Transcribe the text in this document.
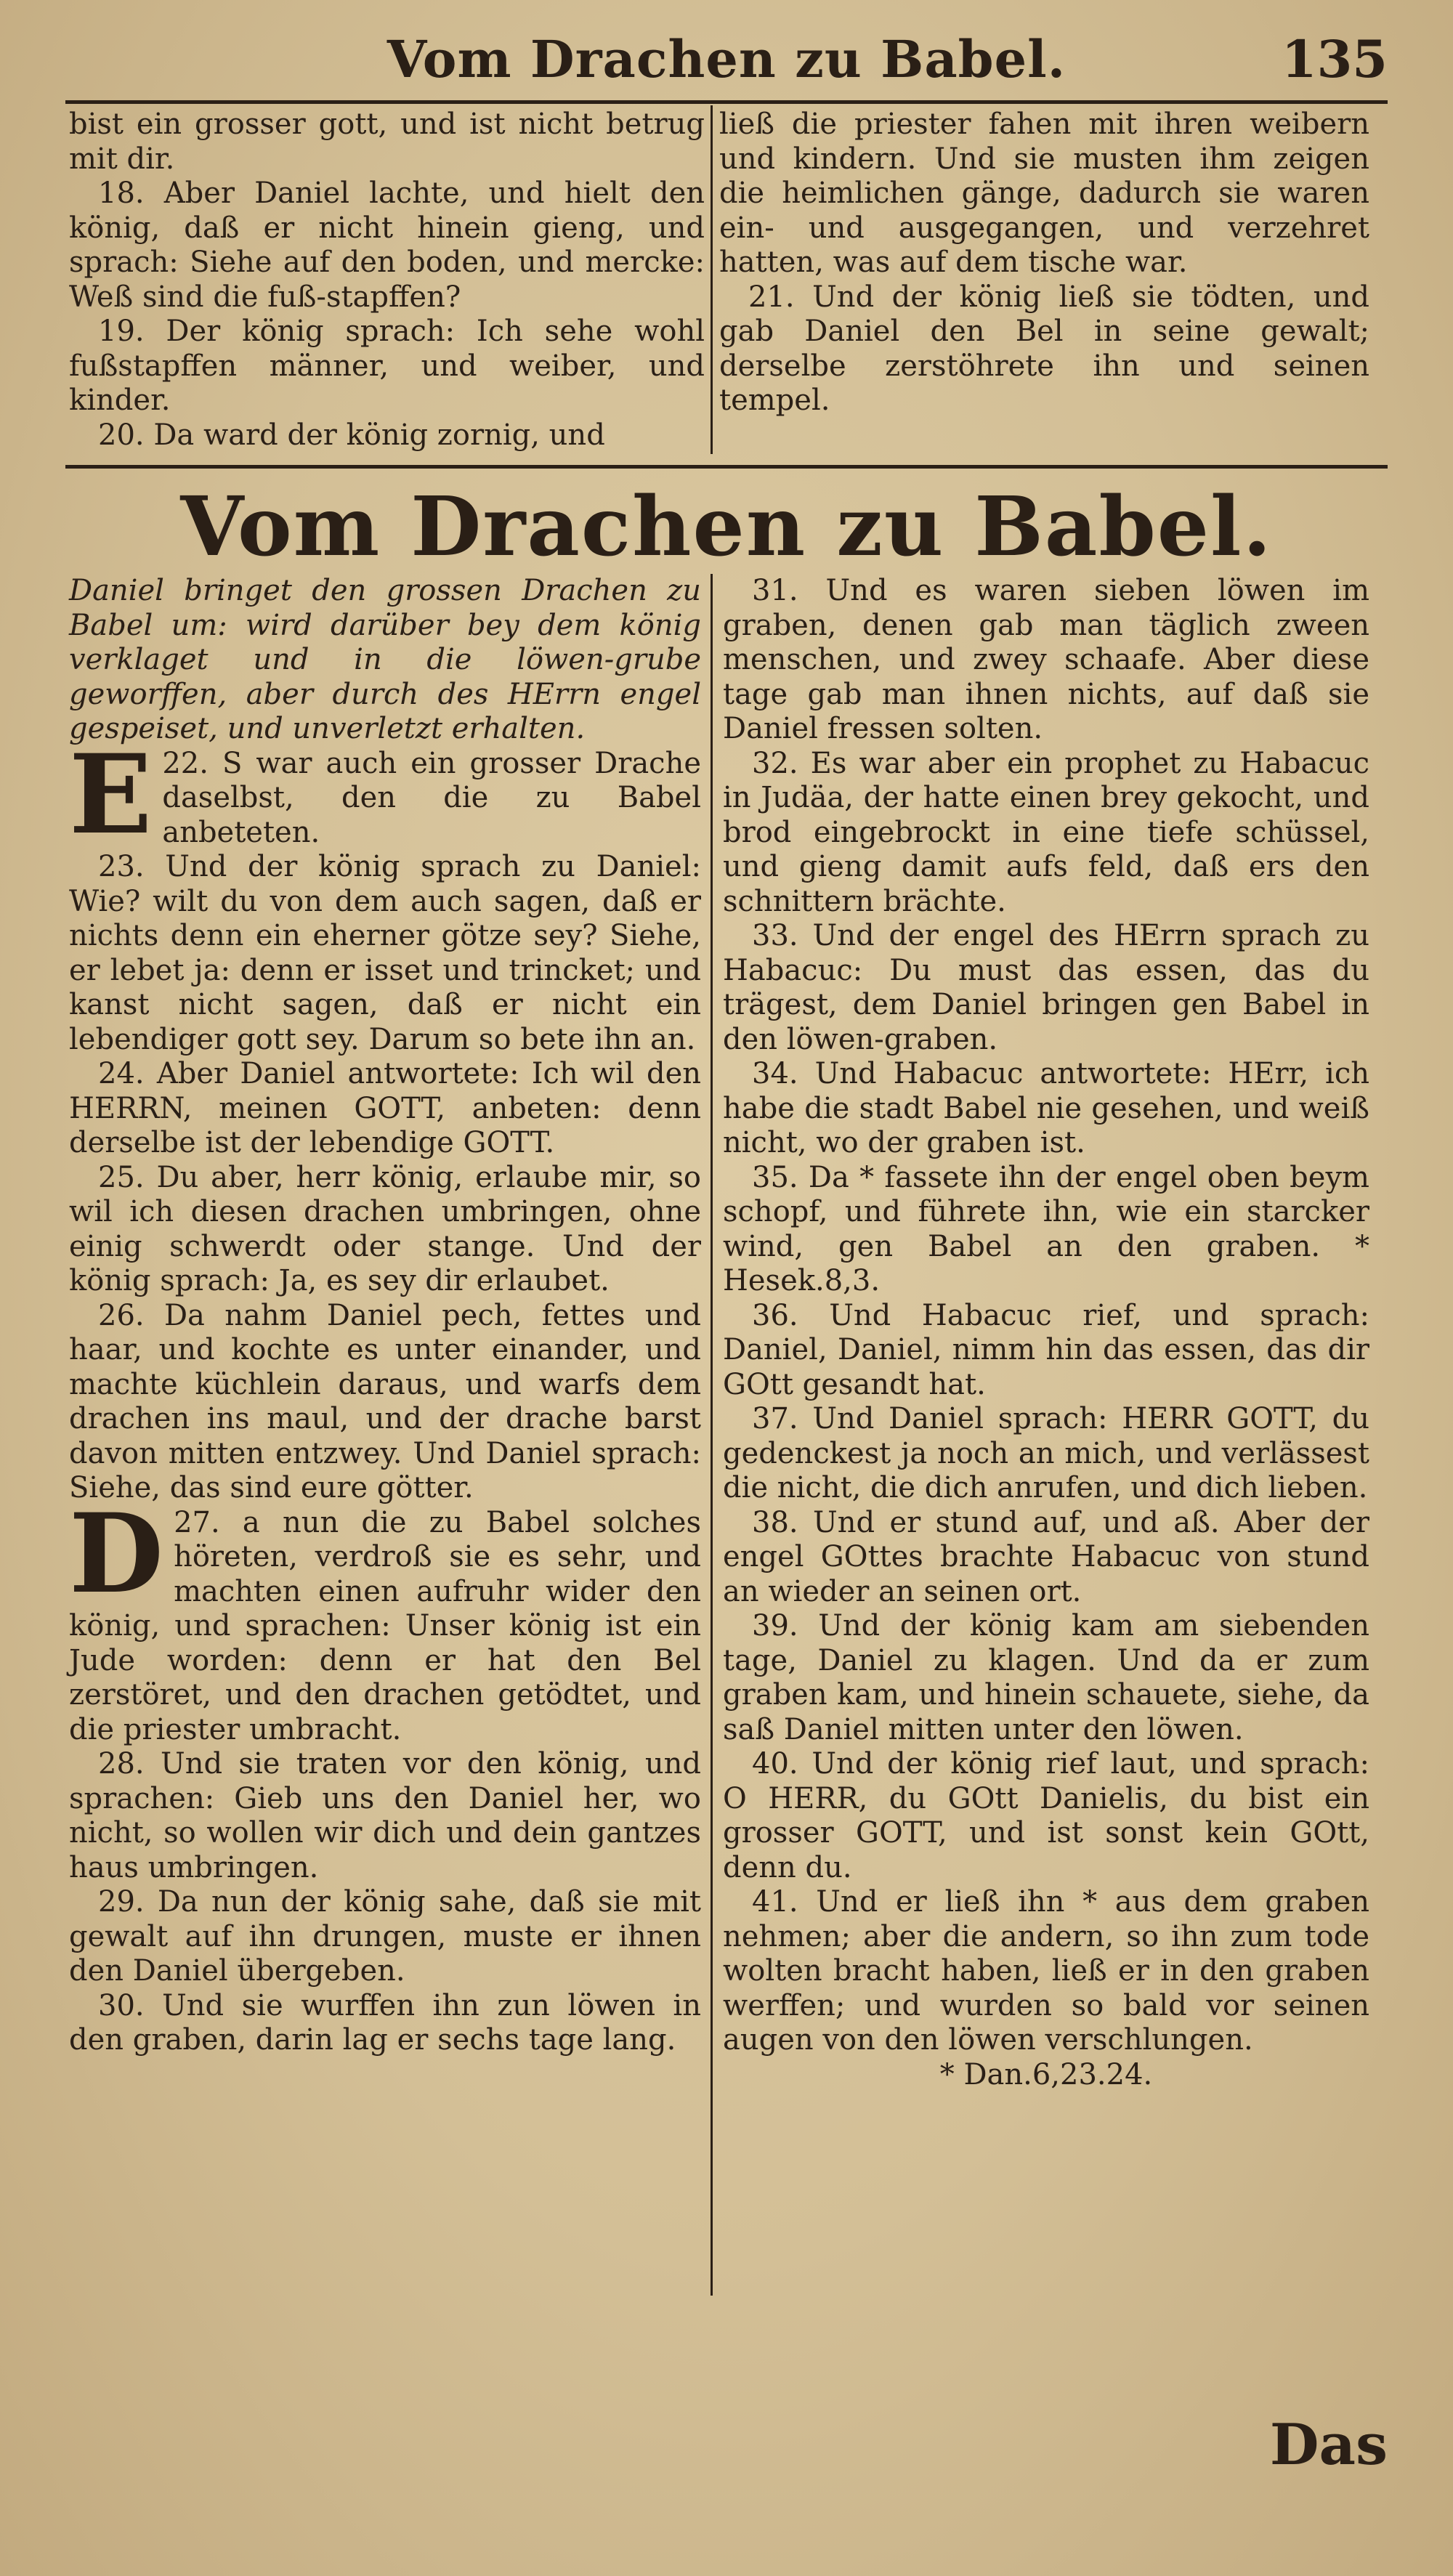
Vom Drachen zu Babel.	135

bist ein grosser gott, und ist nicht betrug mit dir.

18. Aber Daniel lachte, und hielt den könig, daß er nicht hinein gieng, und sprach: Siehe auf den boden, und mercke: Weß sind die fuß-stapffen?

19. Der könig sprach: Ich sehe wohl fußstapffen männer, und weiber, und kinder.

20. Da ward der könig zornig, und

ließ die priester fahen mit ihren weibern und kindern. Und sie musten ihm zeigen die heimlichen gänge, dadurch sie waren ein- und ausgegangen, und verzehret hatten, was auf dem tische war.

21. Und der könig ließ sie tödten, und gab Daniel den Bel in seine gewalt; derselbe zerstöhrete ihn und seinen tempel.

Vom Drachen zu Babel.

Daniel bringet den grossen Drachen zu Babel um: wird darüber bey dem könig verklaget und in die löwen-grube geworffen, aber durch des HErrn engel gespeiset, und unverletzt erhalten.

22.
E S war auch ein grosser Drache daselbst, den die zu Babel anbeteten.

23. Und der könig sprach zu Daniel: Wie? wilt du von dem auch sagen, daß er nichts denn ein eherner götze sey? Siehe, er lebet ja: denn er isset und trincket; und kanst nicht sagen, daß er nicht ein lebendiger gott sey. Darum so bete ihn an.

24. Aber Daniel antwortete: Ich wil den HERRN, meinen GOTT, anbeten: denn derselbe ist der lebendige GOTT.

25. Du aber, herr könig, erlaube mir, so wil ich diesen drachen umbringen, ohne einig schwerdt oder stange. Und der könig sprach: Ja, es sey dir erlaubet.

26. Da nahm Daniel pech, fettes und haar, und kochte es unter einander, und machte küchlein daraus, und warfs dem drachen ins maul, und der drache barst davon mitten entzwey. Und Daniel sprach: Siehe, das sind eure götter.

27.
D	a nun die zu Babel solches höreten, verdroß sie es sehr, und machten einen aufruhr wider den könig, und sprachen: Unser könig ist ein Jude worden: denn er hat den Bel zerstöret, und den drachen getödtet, und die priester umbracht.

28. Und sie traten vor den könig, und sprachen: Gieb uns den Daniel her, wo nicht, so wollen wir dich und dein gantzes haus umbringen.

29. Da nun der könig sahe, daß sie mit gewalt auf ihn drungen, muste er ihnen den Daniel übergeben.

30. Und sie wurffen ihn zun löwen in den graben, darin lag er sechs tage lang.

31. Und es waren sieben löwen im graben, denen gab man täglich zween menschen, und zwey schaafe. Aber diese tage gab man ihnen nichts, auf daß sie Daniel fressen solten.

32. Es war aber ein prophet zu Habacuc in Judäa, der hatte einen brey gekocht, und brod eingebrockt in eine tiefe schüssel, und gieng damit aufs feld, daß ers den schnittern brächte.

33. Und der engel des HErrn sprach zu Habacuc: Du must das essen, das du trägest, dem Daniel bringen gen Babel in den löwen-graben.

34. Und Habacuc antwortete: HErr, ich habe die stadt Babel nie gesehen, und weiß nicht, wo der graben ist.

35. Da * fassete ihn der engel oben beym schopf, und führete ihn, wie ein starcker wind, gen Babel an den graben. * Hesek.8,3.

36. Und Habacuc rief, und sprach: Daniel, Daniel, nimm hin das essen, das dir GOtt gesandt hat.

37. Und Daniel sprach: HERR GOTT, du gedenckest ja noch an mich, und verlässest die nicht, die dich anrufen, und dich lieben.

38. Und er stund auf, und aß. Aber der engel GOttes brachte Habacuc von stund an wieder an seinen ort.

39. Und der könig kam am siebenden tage, Daniel zu klagen. Und da er zum graben kam, und hinein schauete, siehe, da saß Daniel mitten unter den löwen.

40. Und der könig rief laut, und sprach: O HERR, du GOtt Danielis, du bist ein grosser GOTT, und ist sonst kein GOtt, denn du.

41. Und er ließ ihn * aus dem graben nehmen; aber die andern, so ihn zum tode wolten bracht haben, ließ er in den graben werffen; und wurden so bald vor seinen augen von den löwen verschlungen.

* Dan.6,23.24.

Das
